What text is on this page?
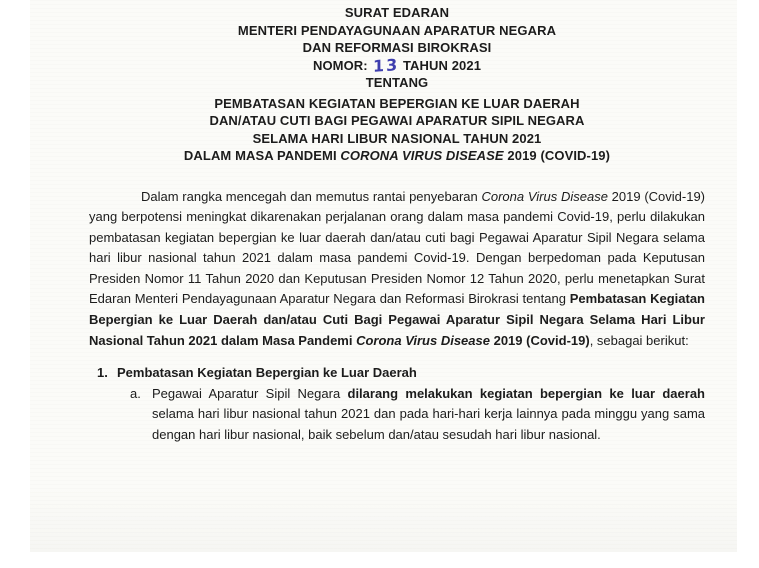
SURAT EDARAN
MENTERI PENDAYAGUNAAN APARATUR NEGARA
DAN REFORMASI BIROKRASI
NOMOR: 13 TAHUN 2021
TENTANG
PEMBATASAN KEGIATAN BEPERGIAN KE LUAR DAERAH
DAN/ATAU CUTI BAGI PEGAWAI APARATUR SIPIL NEGARA
SELAMA HARI LIBUR NASIONAL TAHUN 2021
DALAM MASA PANDEMI CORONA VIRUS DISEASE 2019 (COVID-19)

Dalam rangka mencegah dan memutus rantai penyebaran Corona Virus Disease 2019 (Covid-19) yang berpotensi meningkat dikarenakan perjalanan orang dalam masa pandemi Covid-19, perlu dilakukan pembatasan kegiatan bepergian ke luar daerah dan/atau cuti bagi Pegawai Aparatur Sipil Negara selama hari libur nasional tahun 2021 dalam masa pandemi Covid-19. Dengan berpedoman pada Keputusan Presiden Nomor 11 Tahun 2020 dan Keputusan Presiden Nomor 12 Tahun 2020, perlu menetapkan Surat Edaran Menteri Pendayagunaan Aparatur Negara dan Reformasi Birokrasi tentang Pembatasan Kegiatan Bepergian ke Luar Daerah dan/atau Cuti Bagi Pegawai Aparatur Sipil Negara Selama Hari Libur Nasional Tahun 2021 dalam Masa Pandemi Corona Virus Disease 2019 (Covid-19), sebagai berikut:

1. Pembatasan Kegiatan Bepergian ke Luar Daerah
a. Pegawai Aparatur Sipil Negara dilarang melakukan kegiatan bepergian ke luar daerah selama hari libur nasional tahun 2021 dan pada hari-hari kerja lainnya pada minggu yang sama dengan hari libur nasional, baik sebelum dan/atau sesudah hari libur nasional.
